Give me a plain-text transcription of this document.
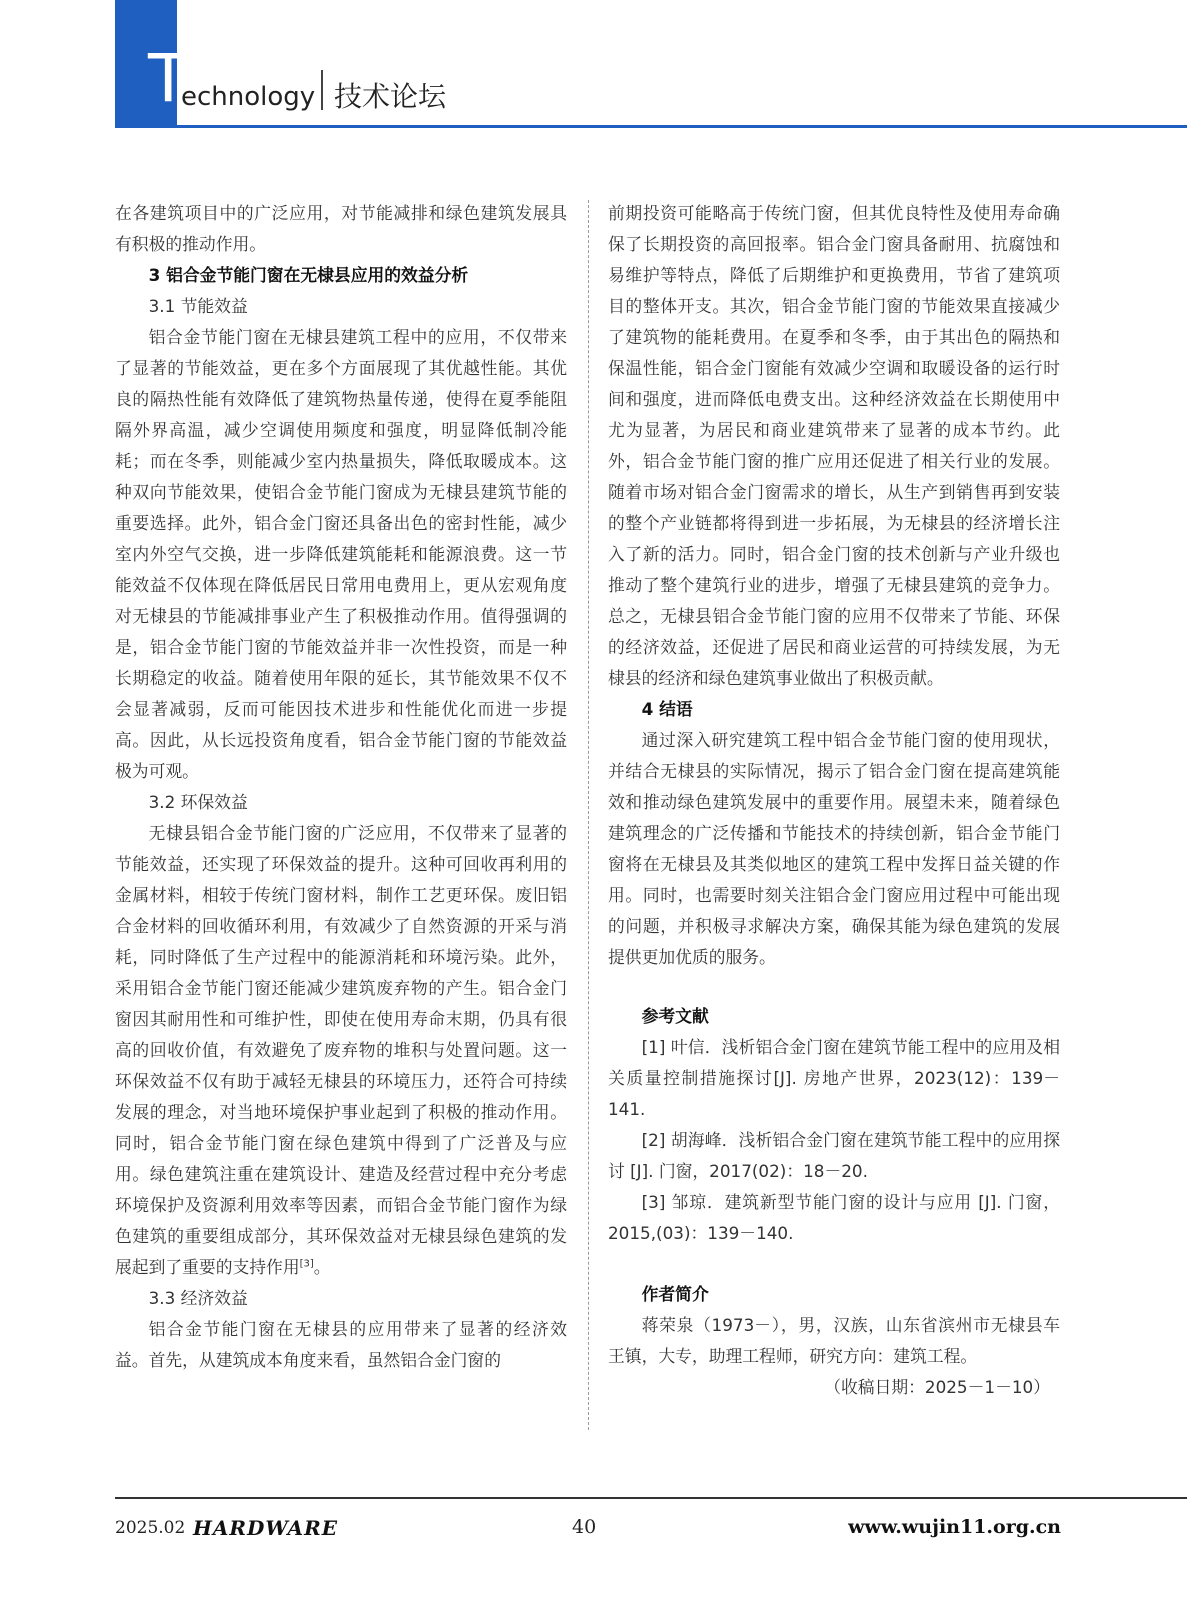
T
echnology 技术论坛

在各建筑项目中的广泛应用，对节能减排和绿色建筑发展具有积极的推动作用。

3 铝合金节能门窗在无棣县应用的效益分析

3.1 节能效益

铝合金节能门窗在无棣县建筑工程中的应用，不仅带来了显著的节能效益，更在多个方面展现了其优越性能。其优良的隔热性能有效降低了建筑物热量传递，使得在夏季能阻隔外界高温，减少空调使用频度和强度，明显降低制冷能耗；而在冬季，则能减少室内热量损失，降低取暖成本。这种双向节能效果，使铝合金节能门窗成为无棣县建筑节能的重要选择。此外，铝合金门窗还具备出色的密封性能，减少室内外空气交换，进一步降低建筑能耗和能源浪费。这一节能效益不仅体现在降低居民日常用电费用上，更从宏观角度对无棣县的节能减排事业产生了积极推动作用。值得强调的是，铝合金节能门窗的节能效益并非一次性投资，而是一种长期稳定的收益。随着使用年限的延长，其节能效果不仅不会显著减弱，反而可能因技术进步和性能优化而进一步提高。因此，从长远投资角度看，铝合金节能门窗的节能效益极为可观。

3.2 环保效益

无棣县铝合金节能门窗的广泛应用，不仅带来了显著的节能效益，还实现了环保效益的提升。这种可回收再利用的金属材料，相较于传统门窗材料，制作工艺更环保。废旧铝合金材料的回收循环利用，有效减少了自然资源的开采与消耗，同时降低了生产过程中的能源消耗和环境污染。此外，采用铝合金节能门窗还能减少建筑废弃物的产生。铝合金门窗因其耐用性和可维护性，即使在使用寿命末期，仍具有很高的回收价值，有效避免了废弃物的堆积与处置问题。这一环保效益不仅有助于减轻无棣县的环境压力，还符合可持续发展的理念，对当地环境保护事业起到了积极的推动作用。同时，铝合金节能门窗在绿色建筑中得到了广泛普及与应用。绿色建筑注重在建筑设计、建造及经营过程中充分考虑环境保护及资源利用效率等因素，而铝合金节能门窗作为绿色建筑的重要组成部分，其环保效益对无棣县绿色建筑的发展起到了重要的支持作用[3]。

3.3 经济效益

铝合金节能门窗在无棣县的应用带来了显著的经济效益。首先，从建筑成本角度来看，虽然铝合金门窗的

前期投资可能略高于传统门窗，但其优良特性及使用寿命确保了长期投资的高回报率。铝合金门窗具备耐用、抗腐蚀和易维护等特点，降低了后期维护和更换费用，节省了建筑项目的整体开支。其次，铝合金节能门窗的节能效果直接减少了建筑物的能耗费用。在夏季和冬季，由于其出色的隔热和保温性能，铝合金门窗能有效减少空调和取暖设备的运行时间和强度，进而降低电费支出。这种经济效益在长期使用中尤为显著，为居民和商业建筑带来了显著的成本节约。此外，铝合金节能门窗的推广应用还促进了相关行业的发展。随着市场对铝合金门窗需求的增长，从生产到销售再到安装的整个产业链都将得到进一步拓展，为无棣县的经济增长注入了新的活力。同时，铝合金门窗的技术创新与产业升级也推动了整个建筑行业的进步，增强了无棣县建筑的竞争力。总之，无棣县铝合金节能门窗的应用不仅带来了节能、环保的经济效益，还促进了居民和商业运营的可持续发展，为无棣县的经济和绿色建筑事业做出了积极贡献。

4 结语

通过深入研究建筑工程中铝合金节能门窗的使用现状，并结合无棣县的实际情况，揭示了铝合金门窗在提高建筑能效和推动绿色建筑发展中的重要作用。展望未来，随着绿色建筑理念的广泛传播和节能技术的持续创新，铝合金节能门窗将在无棣县及其类似地区的建筑工程中发挥日益关键的作用。同时，也需要时刻关注铝合金门窗应用过程中可能出现的问题，并积极寻求解决方案，确保其能为绿色建筑的发展提供更加优质的服务。

参考文献

[1] 叶信．浅析铝合金门窗在建筑节能工程中的应用及相关质量控制措施探讨[J]. 房地产世界，2023(12)：139－141.

[2] 胡海峰．浅析铝合金门窗在建筑节能工程中的应用探讨 [J]. 门窗，2017(02)：18－20.

[3] 邹琼．建筑新型节能门窗的设计与应用 [J]. 门窗，2015,(03)：139－140.

作者简介

蒋荣泉（1973－），男，汉族，山东省滨州市无棣县车王镇，大专，助理工程师，研究方向：建筑工程。

（收稿日期：2025－1－10）

2025.02 HARDWARE	40	www.wujin11.org.cn
